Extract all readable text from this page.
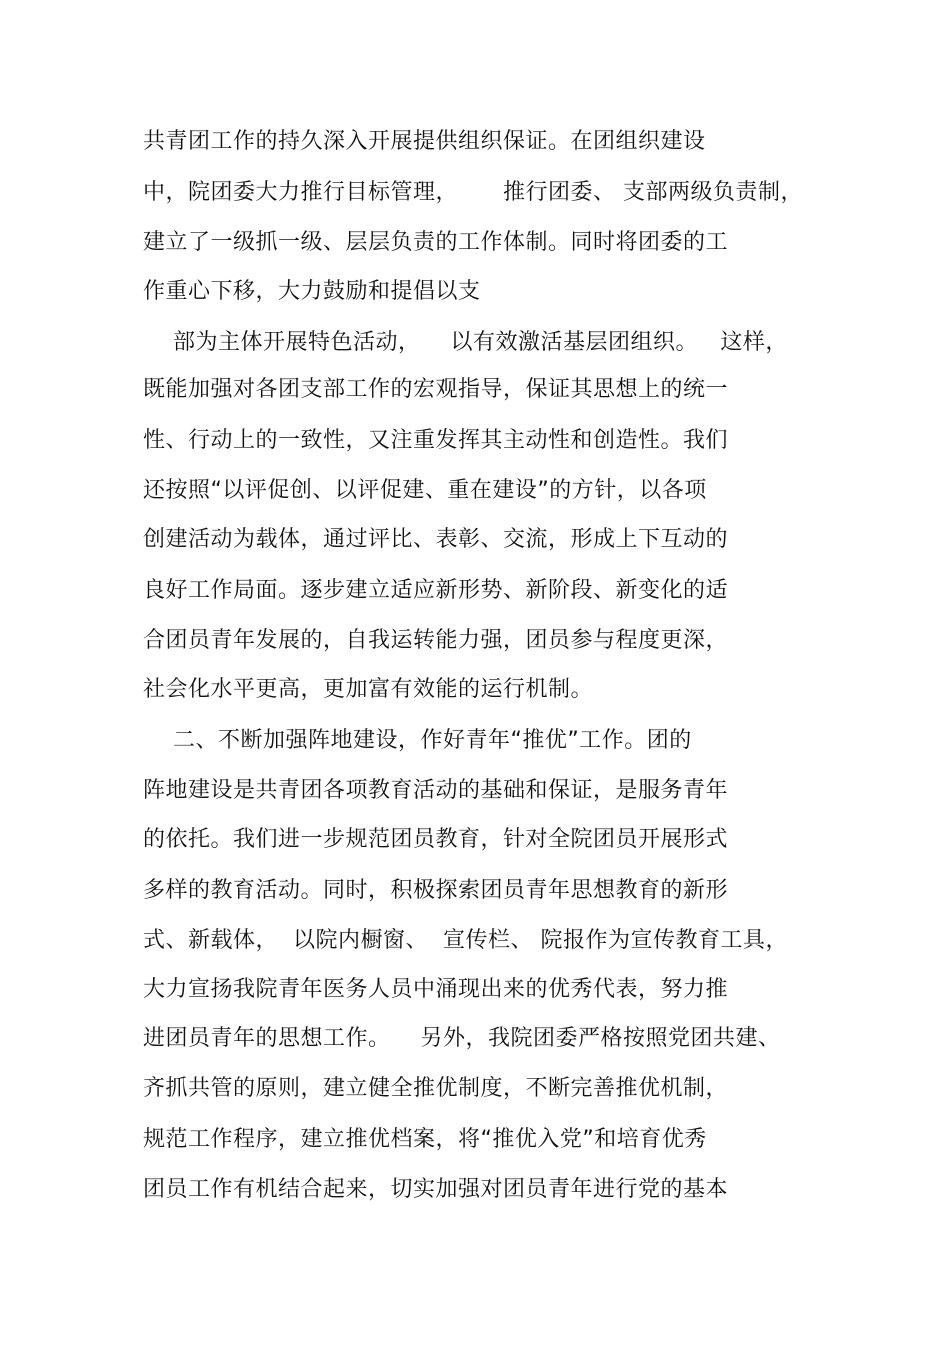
共青团工作的持久深入开展提供组织保证。在团组织建设
中，院团委大力推行目标管理，      推行团委、 支部两级负责制，
建立了一级抓一级、层层负责的工作体制。同时将团委的工
作重心下移，大力鼓励和提倡以支
部为主体开展特色活动，    以有效激活基层团组织。   这样，
既能加强对各团支部工作的宏观指导，保证其思想上的统一
性、行动上的一致性，又注重发挥其主动性和创造性。我们
还按照“以评促创、以评促建、重在建设”的方针，以各项
创建活动为载体，通过评比、表彰、交流，形成上下互动的
良好工作局面。逐步建立适应新形势、新阶段、新变化的适
合团员青年发展的，自我运转能力强，团员参与程度更深，
社会化水平更高，更加富有效能的运行机制。
二、不断加强阵地建设，作好青年“推优”工作。团的
阵地建设是共青团各项教育活动的基础和保证，是服务青年
的依托。我们进一步规范团员教育，针对全院团员开展形式
多样的教育活动。同时，积极探索团员青年思想教育的新形
式、新载体，  以院内橱窗、  宣传栏、 院报作为宣传教育工具，
大力宣扬我院青年医务人员中涌现出来的优秀代表，努力推
进团员青年的思想工作。    另外，我院团委严格按照党团共建、
齐抓共管的原则，建立健全推优制度，不断完善推优机制，
规范工作程序，建立推优档案，将“推优入党”和培育优秀
团员工作有机结合起来，切实加强对团员青年进行党的基本
